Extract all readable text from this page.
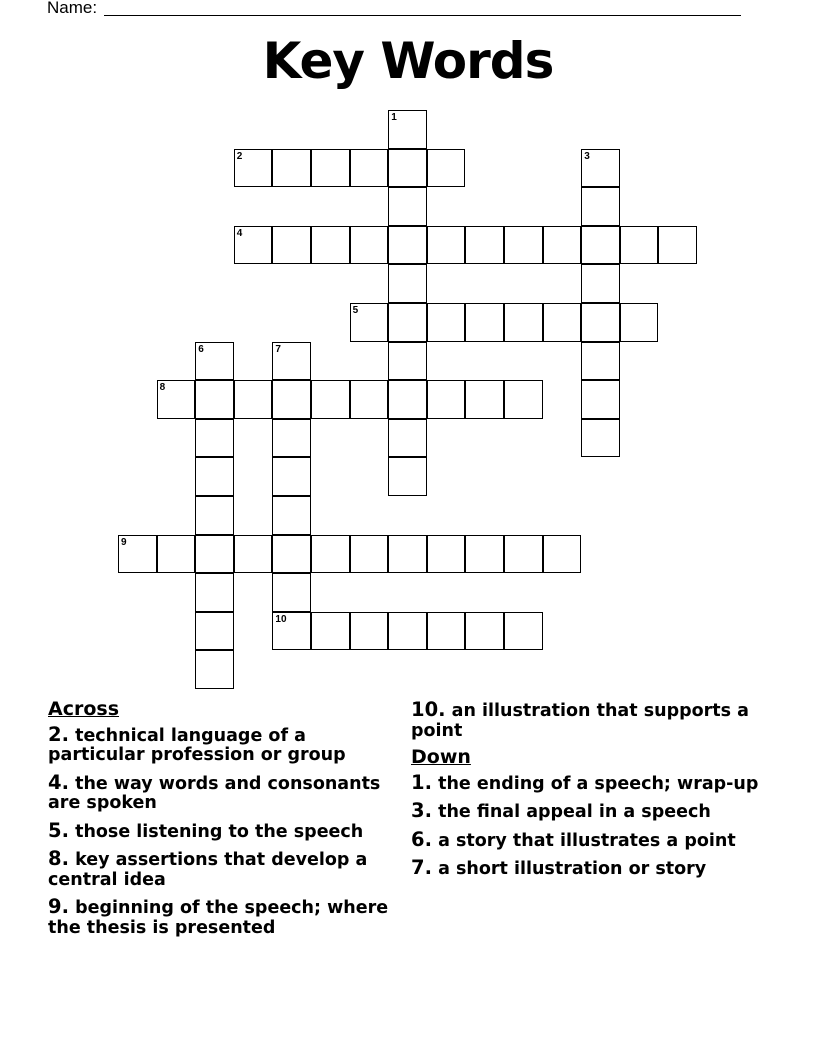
Name:
Key Words
1
2	3
4
5
6	7
8
9
10
Across
2. technical language of a particular profession or group
4. the way words and consonants are spoken
5. those listening to the speech
8. key assertions that develop a central idea
9. beginning of the speech; where the thesis is presented
10. an illustration that supports a point
Down
1. the ending of a speech; wrap-up
3. the final appeal in a speech
6. a story that illustrates a point
7. a short illustration or story
